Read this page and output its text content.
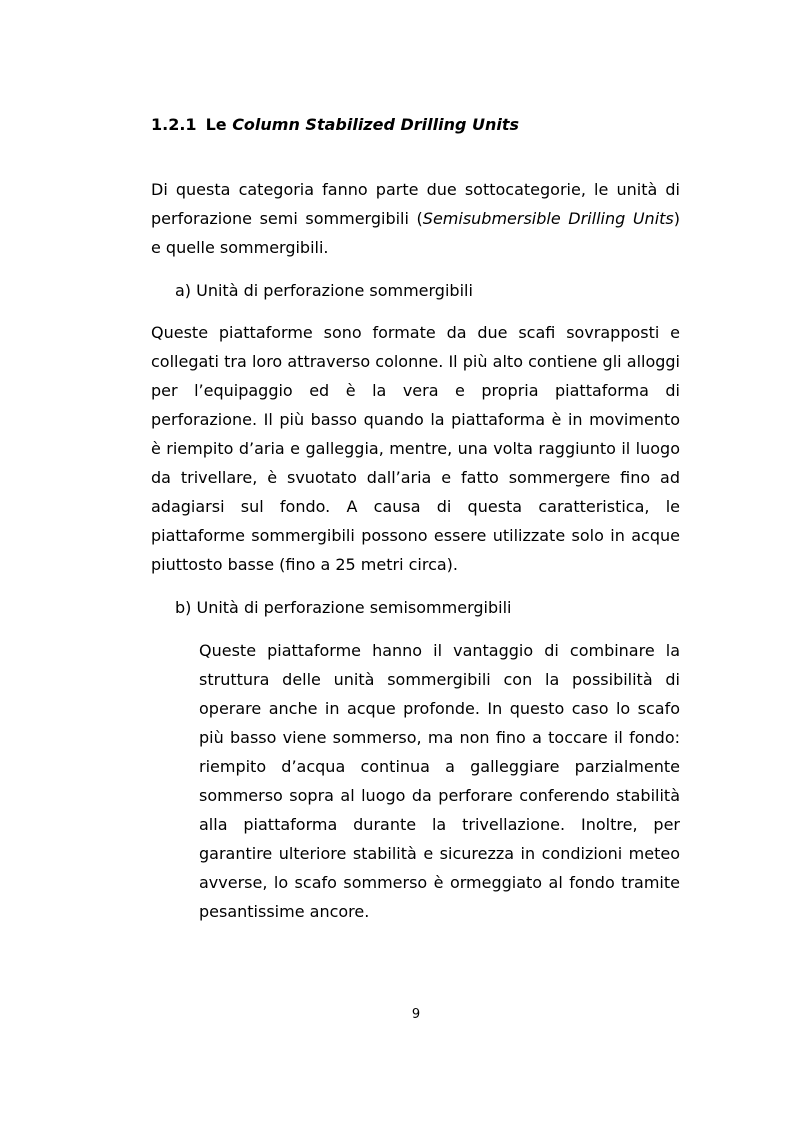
1.2.1 Le Column Stabilized Drilling Units

Di questa categoria fanno parte due sottocategorie, le unità di perforazione semi sommergibili (Semisubmersible Drilling Units) e quelle sommergibili.

a) Unità di perforazione sommergibili

Queste piattaforme sono formate da due scafi sovrapposti e collegati tra loro attraverso colonne. Il più alto contiene gli alloggi per l’equipaggio ed è la vera e propria piattaforma di perforazione. Il più basso quando la piattaforma è in movimento è riempito d’aria e galleggia, mentre, una volta raggiunto il luogo da trivellare, è svuotato dall’aria e fatto sommergere fino ad adagiarsi sul fondo. A causa di questa caratteristica, le piattaforme sommergibili possono essere utilizzate solo in acque piuttosto basse (fino a 25 metri circa).

b) Unità di perforazione semisommergibili

Queste piattaforme hanno il vantaggio di combinare la struttura delle unità sommergibili con la possibilità di operare anche in acque profonde. In questo caso lo scafo più basso viene sommerso, ma non fino a toccare il fondo: riempito d’acqua continua a galleggiare parzialmente sommerso sopra al luogo da perforare conferendo stabilità alla piattaforma durante la trivellazione. Inoltre, per garantire ulteriore stabilità e sicurezza in condizioni meteo avverse, lo scafo sommerso è ormeggiato al fondo tramite pesantissime ancore.

9
